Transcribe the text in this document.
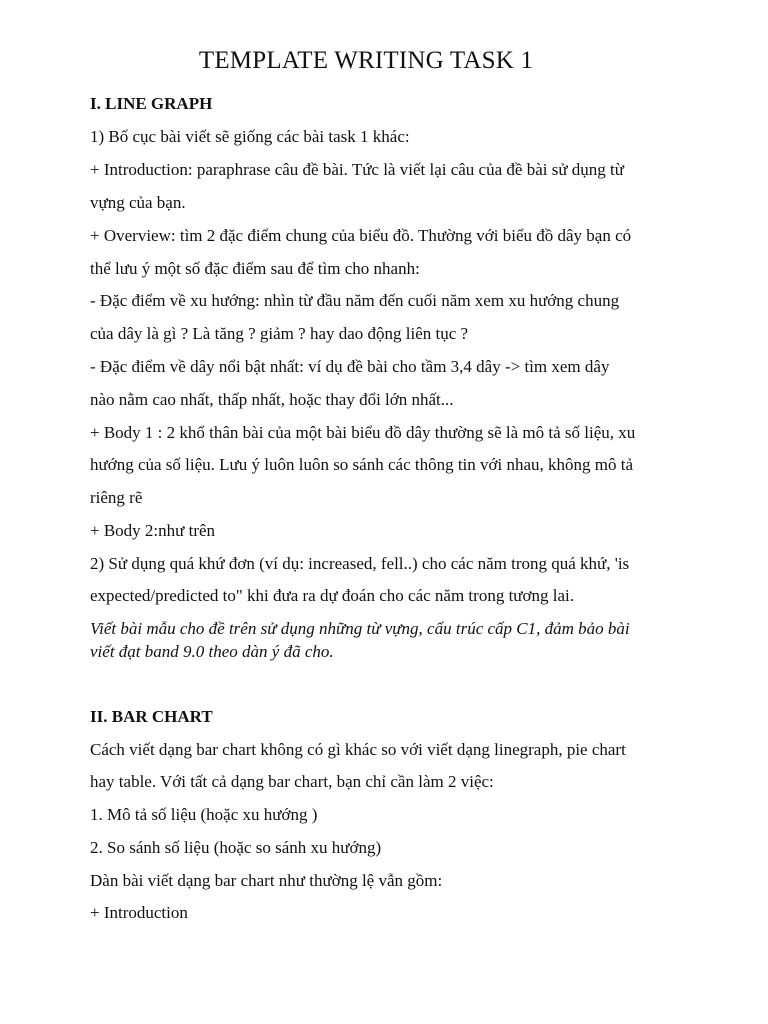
TEMPLATE WRITING TASK 1
I. LINE GRAPH
1) Bố cục bài viết sẽ giống các bài task 1 khác:
+ Introduction: paraphrase câu đề bài. Tức là viết lại câu của đề bài sử dụng từ
vựng của bạn.
+ Overview: tìm 2 đặc điểm chung của biểu đồ. Thường với biểu đồ dây bạn có
thể lưu ý một số đặc điểm sau để tìm cho nhanh:
- Đặc điểm về xu hướng: nhìn từ đầu năm đến cuối năm xem xu hướng chung
của dây là gì ? Là tăng ? giảm ? hay dao động liên tục ?
- Đặc điểm về dây nổi bật nhất: ví dụ đề bài cho tầm 3,4 dây -> tìm xem dây
nào nằm cao nhất, thấp nhất, hoặc thay đổi lớn nhất...
+ Body 1 : 2 khổ thân bài của một bài biểu đồ dây thường sẽ là mô tả số liệu, xu
hướng của số liệu. Lưu ý luôn luôn so sánh các thông tin với nhau, không mô tả
riêng rẽ
+ Body 2:như trên
2) Sử dụng quá khứ đơn (ví dụ: increased, fell..) cho các năm trong quá khứ, 'is
expected/predicted to" khi đưa ra dự đoán cho các năm trong tương lai.
Viết bài mẫu cho đề trên sử dụng những từ vựng, cấu trúc cấp C1, đảm bảo bài
viết đạt band 9.0 theo dàn ý đã cho.
II. BAR CHART
Cách viết dạng bar chart không có gì khác so với viết dạng linegraph, pie chart
hay table. Với tất cả dạng bar chart, bạn chỉ cần làm 2 việc:
1. Mô tả số liệu (hoặc xu hướng )
2. So sánh số liệu (hoặc so sánh xu hướng)
Dàn bài viết dạng bar chart như thường lệ vẫn gồm:
+ Introduction
